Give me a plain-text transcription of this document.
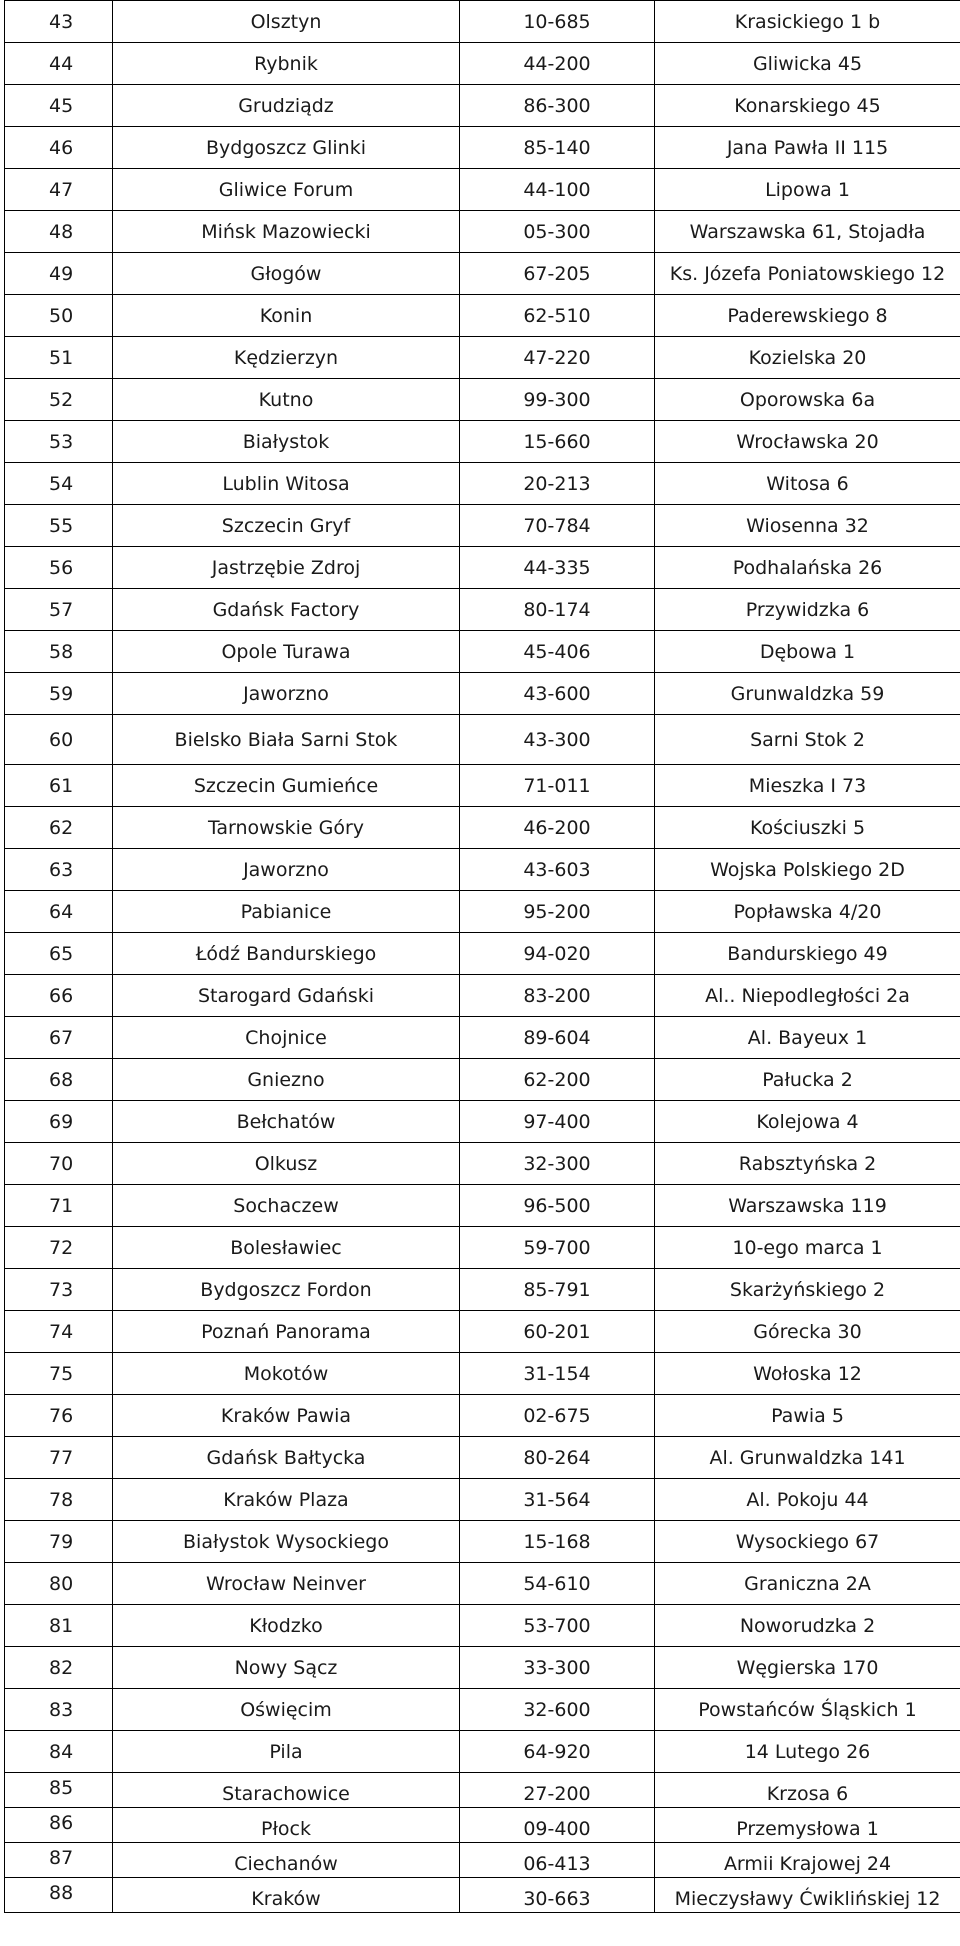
43	Olsztyn	10-685	Krasickiego 1 b
44	Rybnik	44-200	Gliwicka 45
45	Grudziądz	86-300	Konarskiego 45
46	Bydgoszcz Glinki	85-140	Jana Pawła II 115
47	Gliwice Forum	44-100	Lipowa 1
48	Mińsk Mazowiecki	05-300	Warszawska 61, Stojadła
49	Głogów	67-205	Ks. Józefa Poniatowskiego 12
50	Konin	62-510	Paderewskiego 8
51	Kędzierzyn	47-220	Kozielska 20
52	Kutno	99-300	Oporowska 6a
53	Białystok	15-660	Wrocławska 20
54	Lublin Witosa	20-213	Witosa 6
55	Szczecin Gryf	70-784	Wiosenna 32
56	Jastrzębie Zdroj	44-335	Podhalańska 26
57	Gdańsk Factory	80-174	Przywidzka 6
58	Opole Turawa	45-406	Dębowa 1
59	Jaworzno	43-600	Grunwaldzka 59
60	Bielsko Biała Sarni Stok	43-300	Sarni Stok 2
61	Szczecin Gumieńce	71-011	Mieszka I 73
62	Tarnowskie Góry	46-200	Kościuszki 5
63	Jaworzno	43-603	Wojska Polskiego 2D
64	Pabianice	95-200	Popławska 4/20
65	Łódź Bandurskiego	94-020	Bandurskiego 49
66	Starogard Gdański	83-200	Al.. Niepodległości 2a
67	Chojnice	89-604	Al. Bayeux 1
68	Gniezno	62-200	Pałucka 2
69	Bełchatów	97-400	Kolejowa 4
70	Olkusz	32-300	Rabsztyńska 2
71	Sochaczew	96-500	Warszawska 119
72	Bolesławiec	59-700	10-ego marca 1
73	Bydgoszcz Fordon	85-791	Skarżyńskiego 2
74	Poznań Panorama	60-201	Górecka 30
75	Mokotów	31-154	Wołoska 12
76	Kraków Pawia	02-675	Pawia 5
77	Gdańsk Bałtycka	80-264	Al. Grunwaldzka 141
78	Kraków Plaza	31-564	Al. Pokoju 44
79	Białystok Wysockiego	15-168	Wysockiego 67
80	Wrocław Neinver	54-610	Graniczna 2A
81	Kłodzko	53-700	Noworudzka 2
82	Nowy Sącz	33-300	Węgierska 170
83	Oświęcim	32-600	Powstańców Śląskich 1
84	Pila	64-920	14 Lutego 26
85	Starachowice	27-200	Krzosa 6
86	Płock	09-400	Przemysłowa 1
87	Ciechanów	06-413	Armii Krajowej 24
88	Kraków	30-663	Mieczysławy Ćwiklińskiej 12
